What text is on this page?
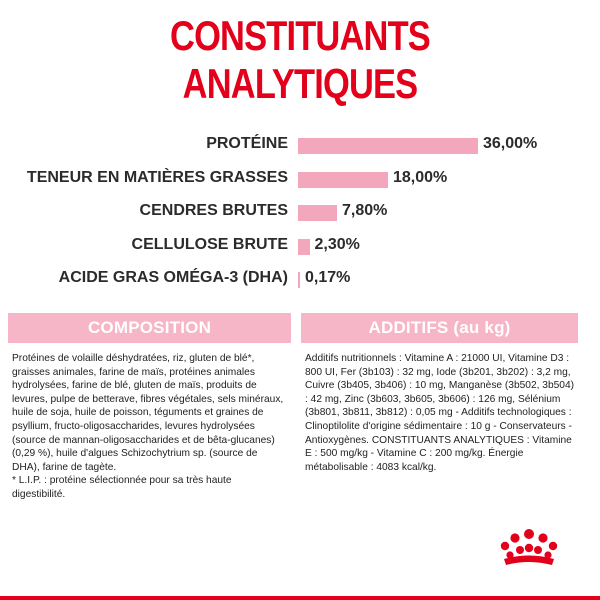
CONSTITUANTS ANALYTIQUES
PROTÉINE	36,00%
TENEUR EN MATIÈRES GRASSES	18,00%
CENDRES BRUTES	7,80%
CELLULOSE BRUTE 2,30%
ACIDE GRAS OMÉGA-3 (DHA) 0,17%
COMPOSITION
Protéines de volaille déshydratées, riz, gluten de blé*, graisses animales, farine de maïs, protéines animales hydrolysées, farine de blé, gluten de maïs, produits de levures, pulpe de betterave, fibres végétales, sels minéraux, huile de soja, huile de poisson, téguments et graines de psyllium, fructo-oligosaccharides, levures hydrolysées (source de mannan-oligosaccharides et de bêta-glucanes) (0,29 %), huile d'algues Schizochytrium sp. (source de DHA), farine de tagète.
* L.I.P. : protéine sélectionnée pour sa très haute digestibilité.
ADDITIFS (au kg)
Additifs nutritionnels : Vitamine A : 21000 UI, Vitamine D3 : 800 UI, Fer (3b103) : 32 mg, Iode (3b201, 3b202) : 3,2 mg, Cuivre (3b405, 3b406) : 10 mg, Manganèse (3b502, 3b504) : 42 mg, Zinc (3b603, 3b605, 3b606) : 126 mg, Sélénium (3b801, 3b811, 3b812) : 0,05 mg - Additifs technologiques : Clinoptilolite d'origine sédimentaire : 10 g - Conservateurs - Antioxygènes. CONSTITUANTS ANALYTIQUES : Vitamine E : 500 mg/kg - Vitamine C : 200 mg/kg. Énergie métabolisable : 4083 kcal/kg.
